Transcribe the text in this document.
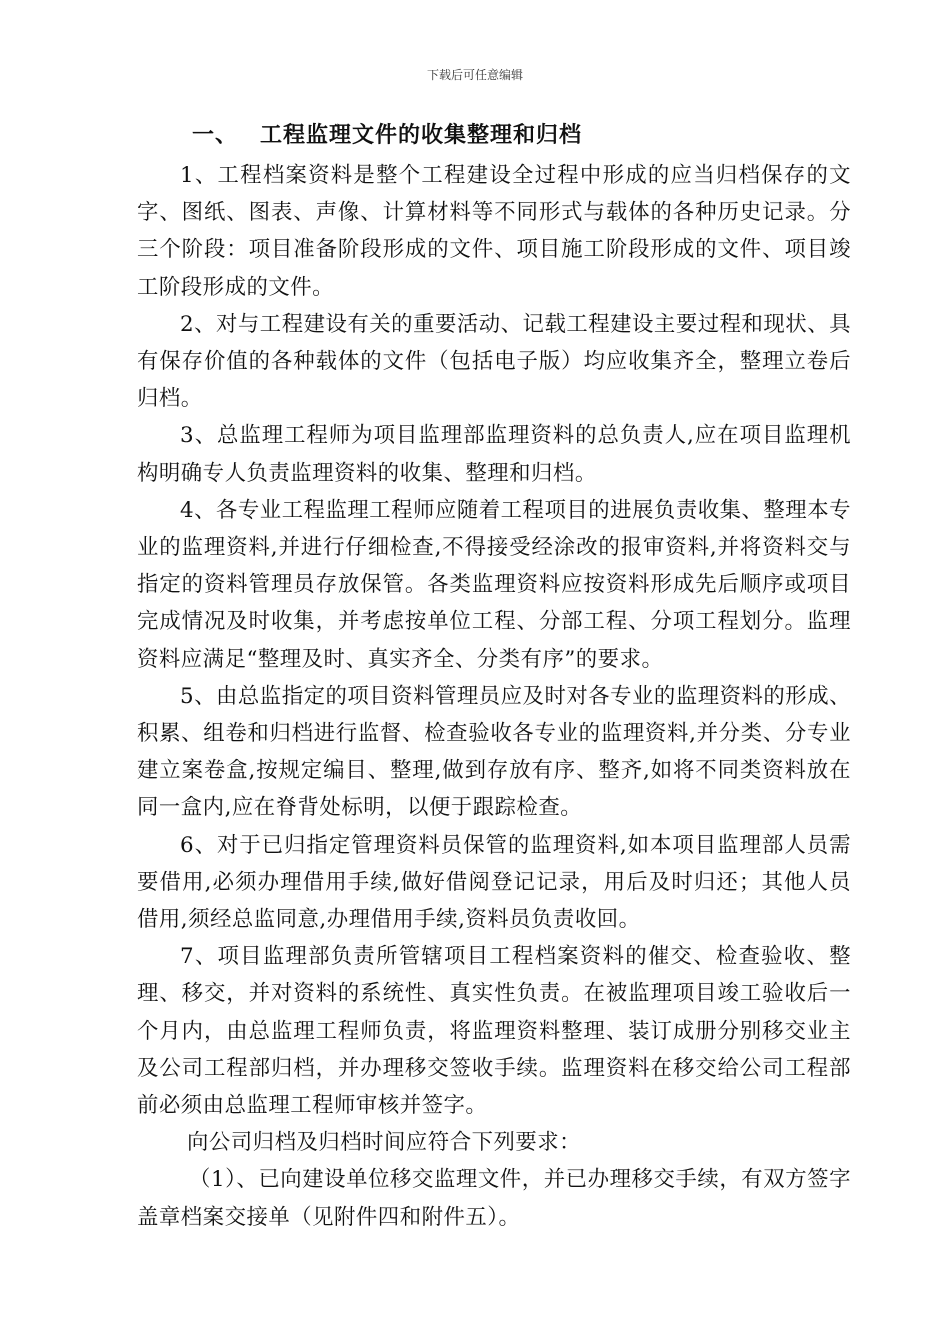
下载后可任意编辑
一、 工程监理文件的收集整理和归档

1、工程档案资料是整个工程建设全过程中形成的应当归档保存的文字、图纸、图表、声像、计算材料等不同形式与载体的各种历史记录。分三个阶段：项目准备阶段形成的文件、项目施工阶段形成的文件、项目竣工阶段形成的文件。

2、对与工程建设有关的重要活动、记载工程建设主要过程和现状、具有保存价值的各种载体的文件（包括电子版）均应收集齐全，整理立卷后归档。

3、总监理工程师为项目监理部监理资料的总负责人,应在项目监理机构明确专人负责监理资料的收集、整理和归档。

4、各专业工程监理工程师应随着工程项目的进展负责收集、整理本专业的监理资料,并进行仔细检查,不得接受经涂改的报审资料,并将资料交与指定的资料管理员存放保管。各类监理资料应按资料形成先后顺序或项目完成情况及时收集，并考虑按单位工程、分部工程、分项工程划分。监理资料应满足“整理及时、真实齐全、分类有序”的要求。

5、由总监指定的项目资料管理员应及时对各专业的监理资料的形成、积累、组卷和归档进行监督、检查验收各专业的监理资料,并分类、分专业建立案卷盒,按规定编目、整理,做到存放有序、整齐,如将不同类资料放在同一盒内,应在脊背处标明，以便于跟踪检查。

6、对于已归指定管理资料员保管的监理资料,如本项目监理部人员需要借用,必须办理借用手续,做好借阅登记记录，用后及时归还；其他人员借用,须经总监同意,办理借用手续,资料员负责收回。

7、项目监理部负责所管辖项目工程档案资料的催交、检查验收、整理、移交，并对资料的系统性、真实性负责。在被监理项目竣工验收后一个月内，由总监理工程师负责，将监理资料整理、装订成册分别移交业主及公司工程部归档，并办理移交签收手续。监理资料在移交给公司工程部前必须由总监理工程师审核并签字。

向公司归档及归档时间应符合下列要求：

（1）、已向建设单位移交监理文件，并已办理移交手续，有双方签字盖章档案交接单（见附件四和附件五）。
